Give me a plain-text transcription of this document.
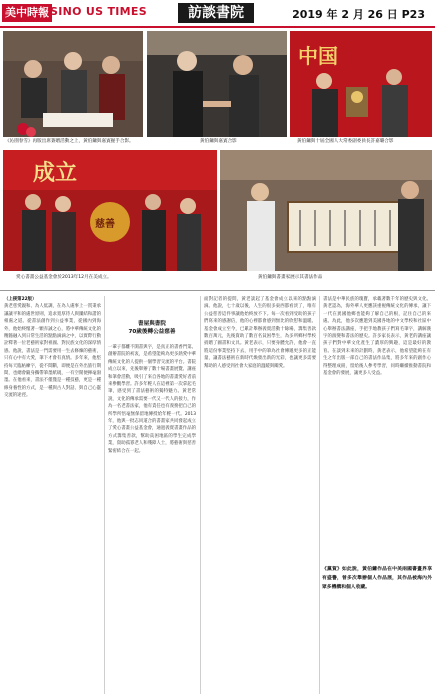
美中時報 SINO US TIMES	訪談書院	2019 年 2 月 26 日 P23
《沁園春雪》再版出席簽贈活動之上，黃伯鏞與嘉賓握手合影。	黃伯鏞與嘉賓合影
中国
黃伯鏞與十屆全國人大常委副委員長許嘉璐合影
成立
慈善
愛心書畫公益基金會於2013年12月在美成立。	黃伯鏞與書畫家展示其書法作品
（上接第22版）
黃老慈愛親和、為人低調，在為人處事上一貫秉承謙讓平和的處世原則，追求寬厚待人與團結和諧的相處之道。從書法創作到公益事業，從國內到海外，他始終懷著一顆赤誠之心，將中華傳統文化的精髓融入到日常生活的點點滴滴之中，以實際行動詮釋著一位老藝術家對祖國、對民族文化的深厚情感。他說，書法是一門需要用一生去修煉的藝術，只有心中有大愛，筆下才會有真情。多年來，他堅持每天臨帖練字，從不間斷，即便是在外出旅行期間，也總會隨身攜帶筆墨紙硯，一有空閒便揮毫潑墨。在他看來，書法不僅僅是一種技藝，更是一種修身養性的方式，是一種與古人對話、與自己心靈交流的途徑。
一輩子都離不開書與字，是真正的書香門第。創辦書院的初衷，是希望能夠為更多熱愛中華傳統文化的人提供一個學習交流的平台。書院成立以來，先後舉辦了數十場書畫展覽、講座和筆會活動，吸引了來自各地的書畫愛好者前來參觀學習。許多年輕人在這裡第一次拿起毛筆，感受到了書法藝術的獨特魅力。黃老常說，文化的傳承需要一代又一代人的接力，作為一名老書法家，他有責任也有義務把自己的所學所悟毫無保留地傳授給年輕一代。2013年，他與一批志同道合的書畫家共同發起成立了愛心書畫公益基金會，通過義賣書畫作品的方式籌集善款，幫助貧困地區的學生完成學業，資助孤寡老人和殘障人士，將藝術與慈善緊密結合在一起。
書屋與書院
70歲後轉公益慈善
面對記者的提問，黃老談起了基金會成立以來的點點滴滴。他說，七十歲以後，人生的很多東西都看淡了，唯有公益慈善這件事讓他始終放不下。每一次看到受助的孩子們寫來的感謝信，他的心裡都會感到無比的欣慰和溫暖。基金會成立至今，已累計舉辦義賣活動十餘場，籌集善款數百萬元，先後資助了數百名貧困學生，為多所鄉村學校捐贈了圖書和文具。黃老表示，只要身體允許，他會一直將這份事業堅持下去，用手中的筆為社會傳遞更多的正能量，讓書法藝術在新時代煥發出新的光彩，也讓更多需要幫助的人感受到社會大家庭的溫暖與關愛。
書法是中華民族的瑰寶，承載著數千年的歷史與文化。黃老認為，海外華人更應該重視傳統文化的傳承，讓下一代在異國他鄉也能夠了解自己的根，記住自己的來處。為此，他多次應邀到美國各地的中文學校和社區中心舉辦書法講座，手把手地教孩子們寫毛筆字，講解漢字的演變和書法的歷史。許多家長表示，黃老的講座讓孩子們對中華文化產生了濃厚的興趣，這是最好的教育。在談到未來的計劃時，黃老表示，他希望能夠在有生之年出版一部自己的書法作品集，將多年來的創作心得整理成冊，留給後人參考學習，同時繼續推動書院和基金會的發展，讓更多人受益。
《黨賀》如此說，黃伯鏞作品在中美兩國書畫界享有盛譽，曾多次舉辦個人作品展，其作品被海內外眾多機構和個人收藏。
